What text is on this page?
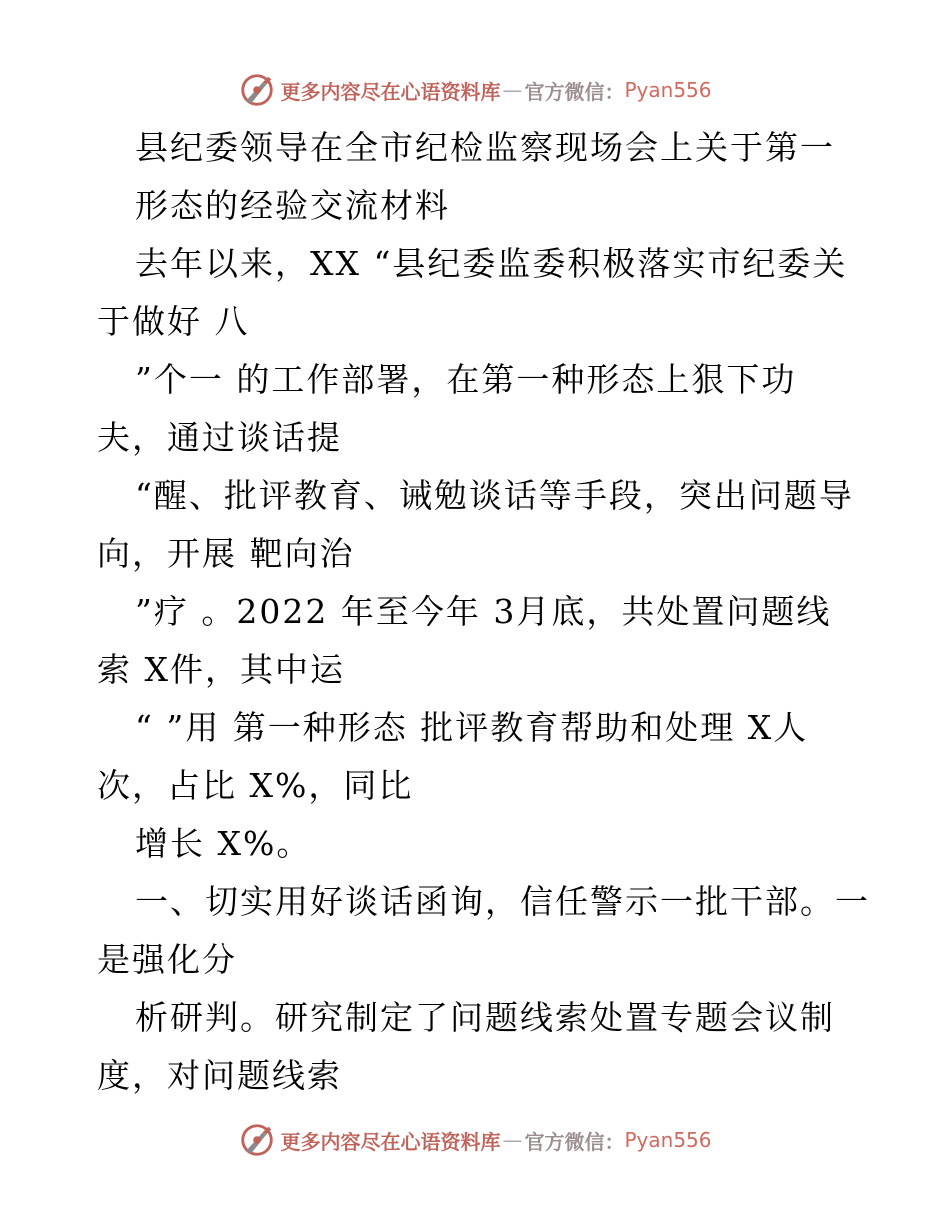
更多内容尽在心语资料库 — 官方微信： Pyan556
县纪委领导在全市纪检监察现场会上关于第一
形态的经验交流材料
去年以来，XX “县纪委监委积极落实市纪委关
于做好 八
”个一 的工作部署，在第一种形态上狠下功
夫，通过谈话提
“醒、批评教育、诫勉谈话等手段，突出问题导
向，开展 靶向治
”疗 。2022 年至今年 3月底，共处置问题线
索 X件，其中运
“ ”用 第一种形态 批评教育帮助和处理 X人
次，占比 X%，同比
增长 X%。
一、切实用好谈话函询，信任警示一批干部。一
是强化分
析研判。研究制定了问题线索处置专题会议制
度，对问题线索
更多内容尽在心语资料库 — 官方微信： Pyan556
